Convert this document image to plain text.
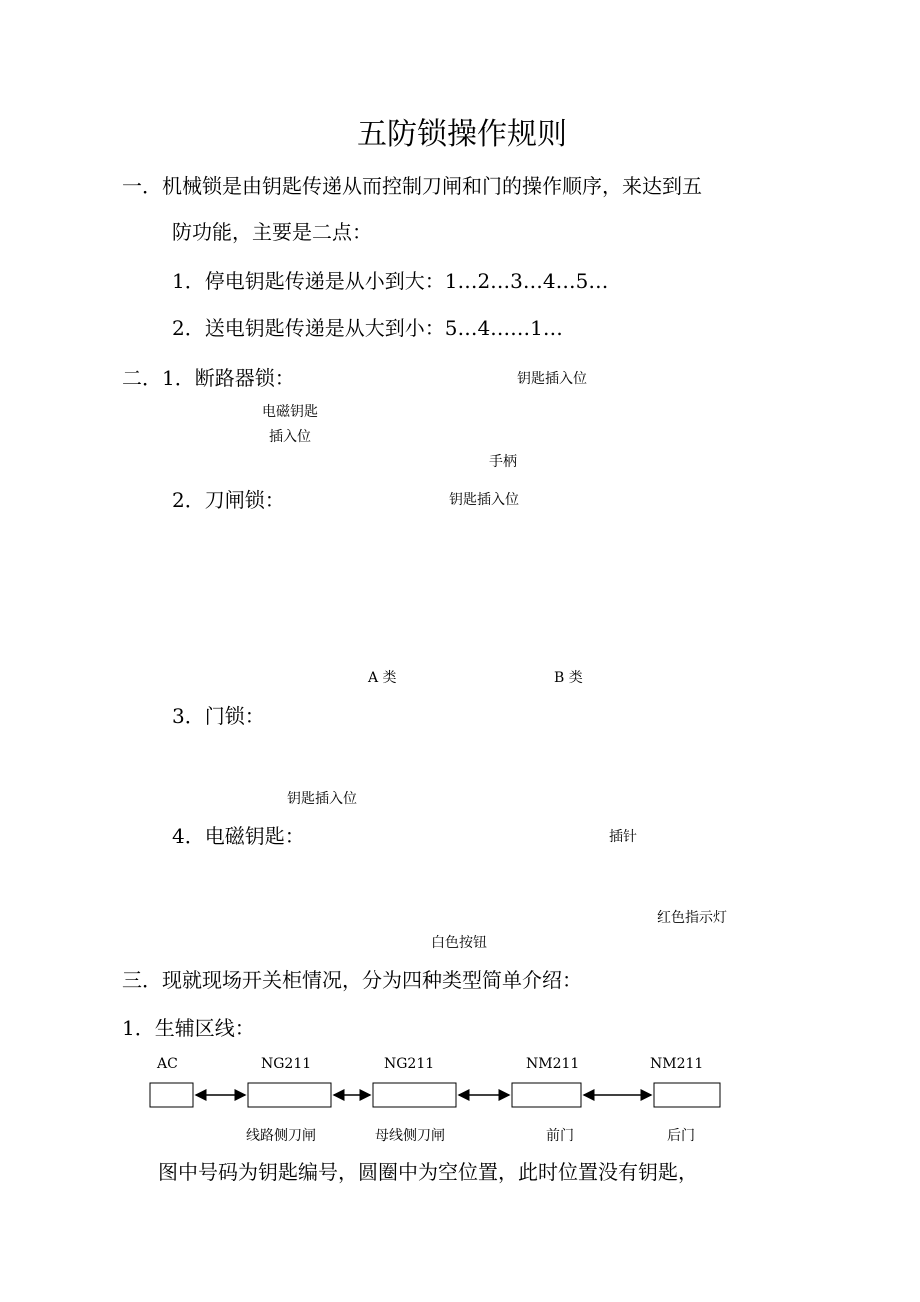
五防锁操作规则
一．机械锁是由钥匙传递从而控制刀闸和门的操作顺序，来达到五
防功能，主要是二点：
1．停电钥匙传递是从小到大：1…2…3…4…5…
2．送电钥匙传递是从大到小：5…4……1…
二．1．断路器锁：	钥匙插入位
电磁钥匙
插入位
手柄
2．刀闸锁：	钥匙插入位
A 类	B 类
3．门锁：
钥匙插入位
4．电磁钥匙：	插针
红色指示灯
白色按钮
三．现就现场开关柜情况，分为四种类型简单介绍：
1．生辅区线：
AC	NG211	NG211	NM211	NM211
线路侧刀闸	母线侧刀闸	前门	后门
图中号码为钥匙编号，圆圈中为空位置，此时位置没有钥匙，
